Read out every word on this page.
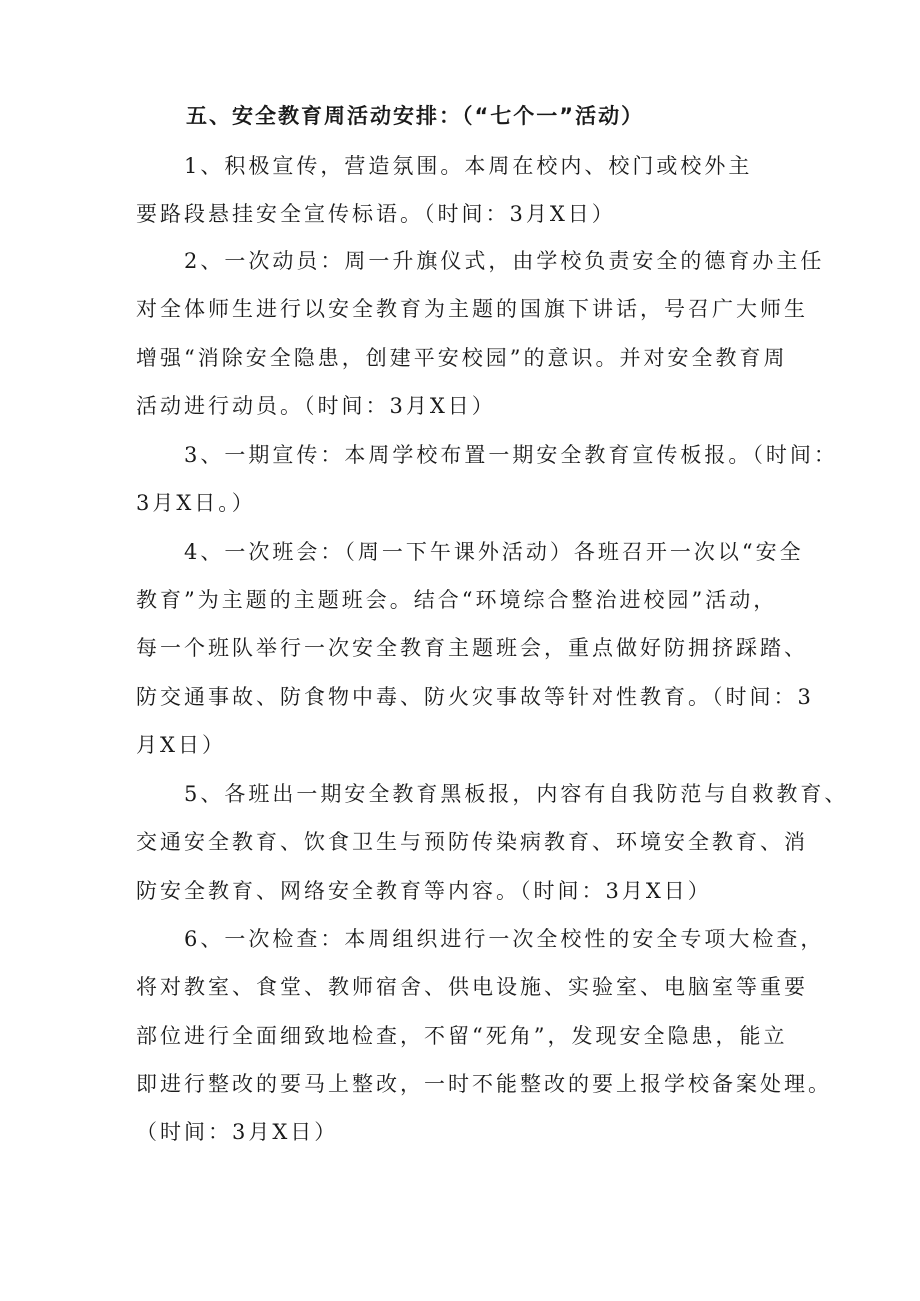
五、安全教育周活动安排：（“七个一”活动）
1、积极宣传，营造氛围。本周在校内、校门或校外主
要路段悬挂安全宣传标语。（时间：3月X日）
2、一次动员：周一升旗仪式，由学校负责安全的德育办主任
对全体师生进行以安全教育为主题的国旗下讲话，号召广大师生
增强“消除安全隐患，创建平安校园”的意识。并对安全教育周
活动进行动员。（时间：3月X日）
3、一期宣传：本周学校布置一期安全教育宣传板报。（时间：
3月X日。）
4、一次班会：（周一下午课外活动）各班召开一次以“安全
教育”为主题的主题班会。结合“环境综合整治进校园”活动，
每一个班队举行一次安全教育主题班会，重点做好防拥挤踩踏、
防交通事故、防食物中毒、防火灾事故等针对性教育。（时间：3
月X日）
5、各班出一期安全教育黑板报，内容有自我防范与自救教育、
交通安全教育、饮食卫生与预防传染病教育、环境安全教育、消
防安全教育、网络安全教育等内容。（时间：3月X日）
6、一次检查：本周组织进行一次全校性的安全专项大检查，
将对教室、食堂、教师宿舍、供电设施、实验室、电脑室等重要
部位进行全面细致地检查，不留“死角”，发现安全隐患，能立
即进行整改的要马上整改，一时不能整改的要上报学校备案处理。
（时间：3月X日）
